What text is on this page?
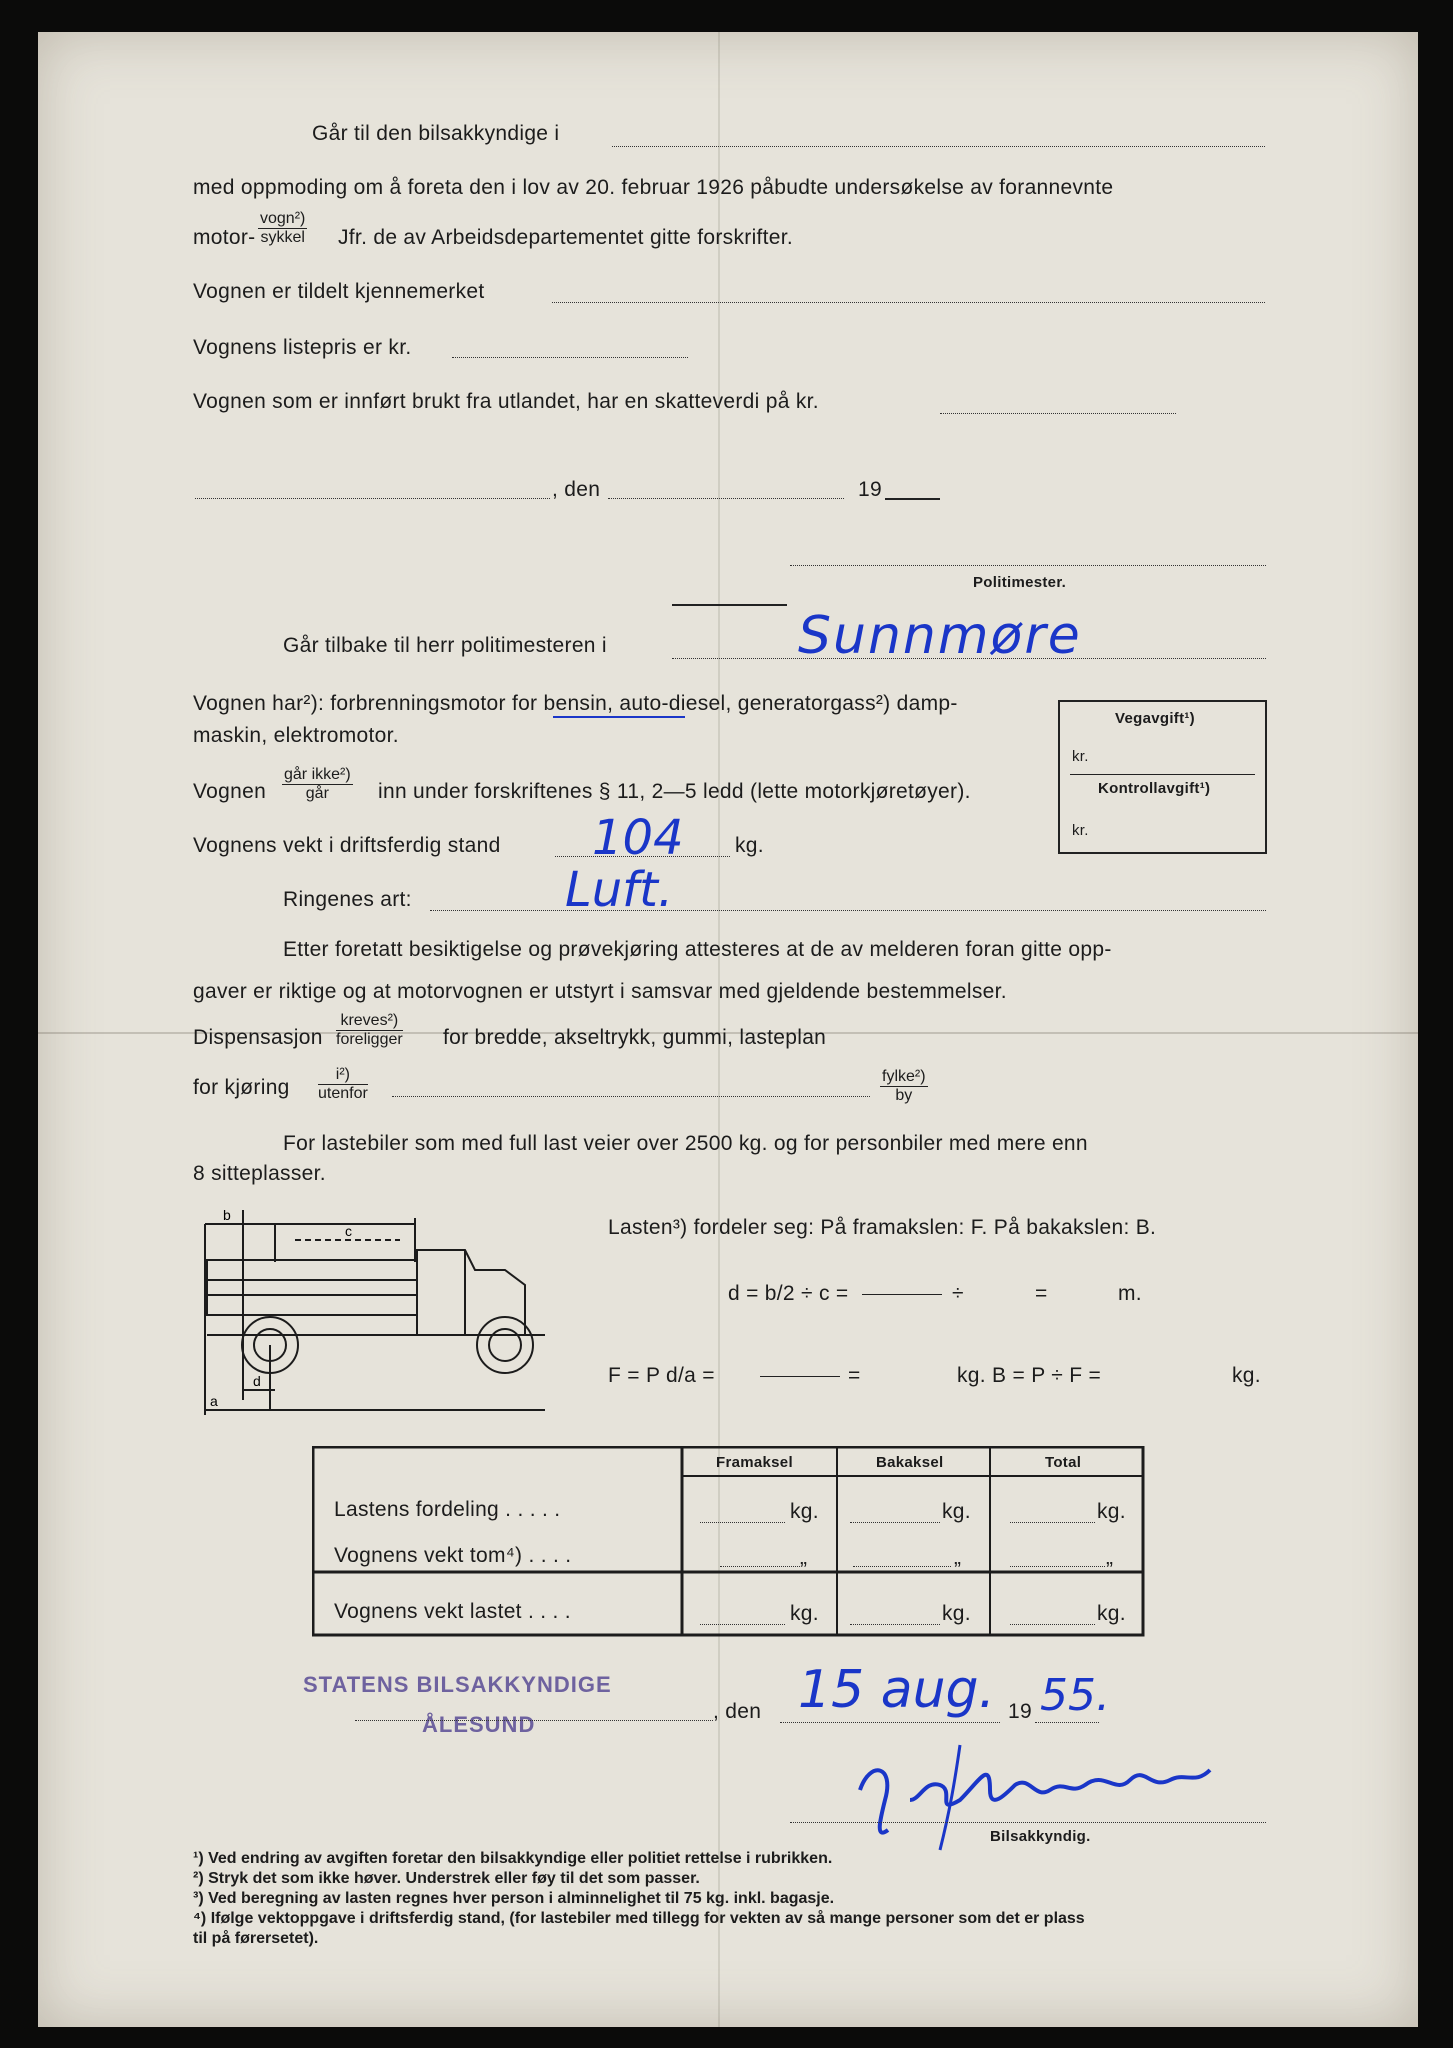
Går til den bilsakkyndige i
med oppmoding om å foreta den i lov av 20. februar 1926 påbudte undersøkelse av forannevnte
motor-
vogn²)
sykkel Jfr. de av Arbeidsdepartementet gitte forskrifter.
Vognen er tildelt kjennemerket
Vognens listepris er kr.
Vognen som er innført brukt fra utlandet, har en skatteverdi på kr.
, den	19
Politimester.
Går tilbake til herr politimesteren i	Sunnmøre
Vognen har²): forbrenningsmotor for bensin, auto-diesel, generatorgass²) damp-
maskin, elektromotor.
Vognen
går ikke²)
går	inn under forskriftenes § 11, 2—5 ledd (lette motorkjøretøyer).
Vognens vekt i driftsferdig stand 104 kg.
Vegavgift¹)
kr.
Kontrollavgift¹)
kr.
Ringenes art:	Luft.
Etter foretatt besiktigelse og prøvekjøring attesteres at de av melderen foran gitte opp-
gaver er riktige og at motorvognen er utstyrt i samsvar med gjeldende bestemmelser.
Dispensasjon
kreves²)
foreligger for bredde, akseltrykk, gummi, lasteplan
for kjøring
i²)
utenfor
fylke²)
by
For lastebiler som med full last veier over 2500 kg. og for personbiler med mere enn
8 sitteplasser.
b
c
d
a
Lasten³) fordeler seg: På framakslen: F. På bakakslen: B.
d = b/2 ÷ c =	÷	=	m.
F = P d/a =	=	kg. B = P ÷ F =	kg.
Framaksel	Bakaksel	Total
Lastens fordeling . . . . .	kg.	kg.	kg.
Vognens vekt tom⁴) . . . .	„	„	„
Vognens vekt lastet . . . .	kg.	kg.	kg.
STATENS BILSAKKYNDIGE
ÅLESUND
, den 15 aug. 19 55.
Bilsakkyndig.
¹) Ved endring av avgiften foretar den bilsakkyndige eller politiet rettelse i rubrikken.
²) Stryk det som ikke høver. Understrek eller føy til det som passer.
³) Ved beregning av lasten regnes hver person i alminnelighet til 75 kg. inkl. bagasje.
⁴) Ifølge vektoppgave i driftsferdig stand, (for lastebiler med tillegg for vekten av så mange personer som det er plass
til på førersetet).
